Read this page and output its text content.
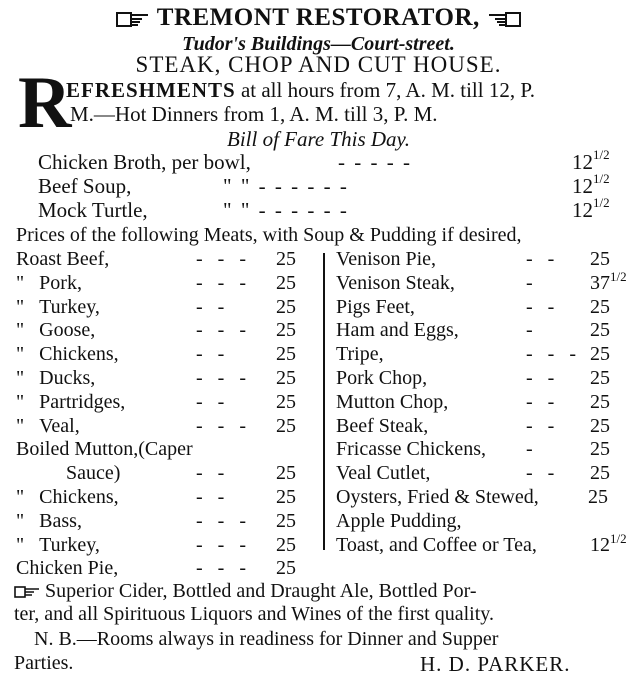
TREMONT RESTORATOR,
Tudor's Buildings—Court-street.
STEAK, CHOP AND CUT HOUSE.
R
EFRESHMENTS at all hours from 7, A. M. till 12, P.
M.—Hot Dinners from 1, A. M. till 3, P. M.
Bill of Fare This Day.
Chicken Broth, per bowl,	- - - - -	$12^{1/2}$
Beef Soup,	" " - - - - - -	$12^{1/2}$
Mock Turtle,	" " - - - - - -	$12^{1/2}$
Prices of the following Meats, with Soup & Pudding if desired,
Roast Beef,	-   -   - 25
"   Pork,	-   -   - 25
"   Turkey,	-   -	25
"   Goose,	-   -   - 25
"   Chickens,	-   -	25
"   Ducks,	-   -   - 25
"   Partridges,	-   -	25
"   Veal,	-   -   - 25
Boiled Mutton,(Caper
Sauce)	-   -	25
"   Chickens,	-   -	25
"   Bass,	-   -   - 25
"   Turkey,	-   -   - 25
Chicken Pie,	-   -   - 25
Venison Pie,	-   - 25
Venison Steak,	-	$37^{1/2}$
Pigs Feet,	-   - 25
Ham and Eggs,	-	25
Tripe,	-   -   - 25
Pork Chop,	-   - 25
Mutton Chop,	-   - 25
Beef Steak,	-   - 25
Fricasse Chickens, -	25
Veal Cutlet,	-   - 25
Oysters, Fried & Stewed, 25
Apple Pudding,
Toast, and Coffee or Tea,	$12^{1/2}$
Superior Cider, Bottled and Draught Ale, Bottled Por-
ter, and all Spirituous Liquors and Wines of the first quality.
N. B.—Rooms always in readiness for Dinner and Supper
Parties.	H. D. PARKER.
